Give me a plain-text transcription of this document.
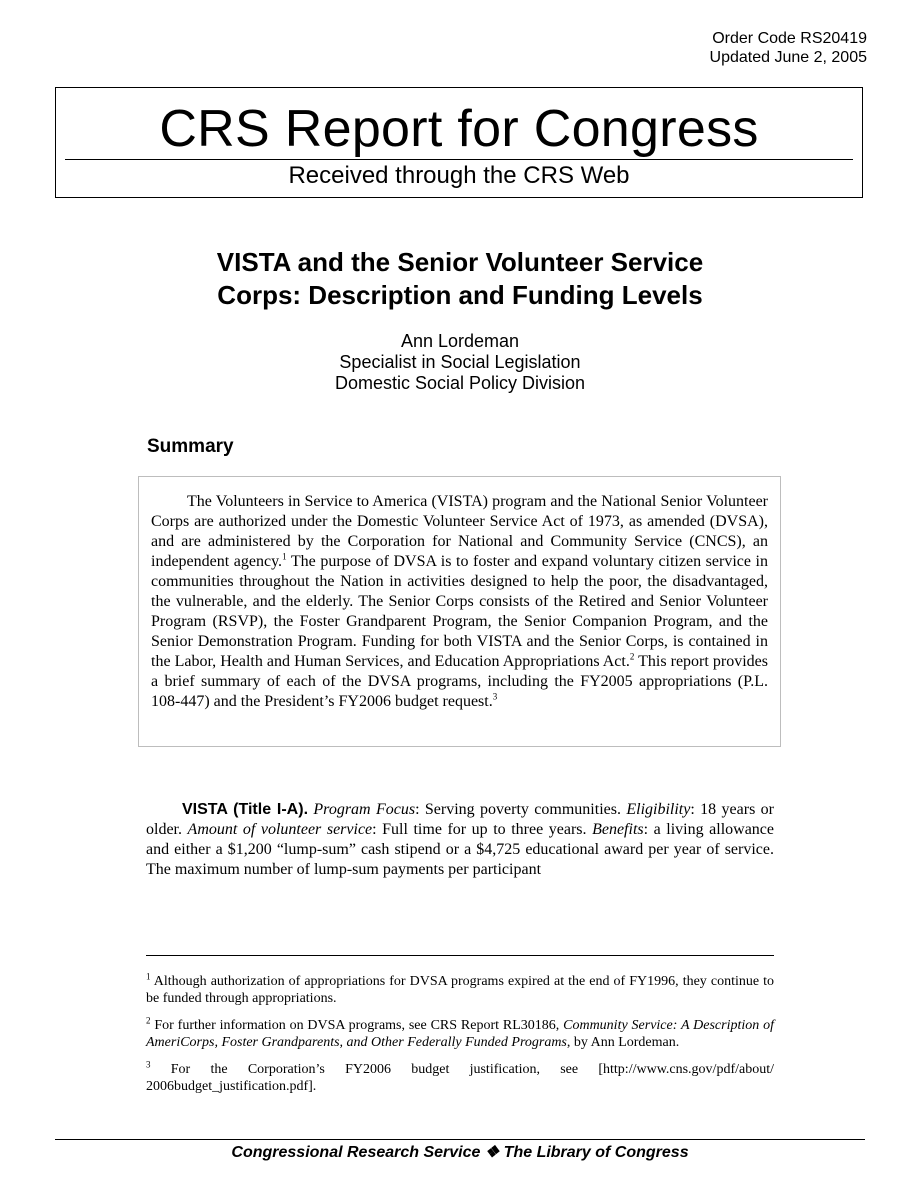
Order Code RS20419
Updated June 2, 2005
CRS Report for Congress
Received through the CRS Web
VISTA and the Senior Volunteer Service
Corps: Description and Funding Levels
Ann Lordeman
Specialist in Social Legislation
Domestic Social Policy Division
Summary

The Volunteers in Service to America (VISTA) program and the National Senior Volunteer Corps are authorized under the Domestic Volunteer Service Act of 1973, as amended (DVSA), and are administered by the Corporation for National and Community Service (CNCS), an independent agency.$^1$ The purpose of DVSA is to foster and expand voluntary citizen service in communities throughout the Nation in activities designed to help the poor, the disadvantaged, the vulnerable, and the elderly. The Senior Corps consists of the Retired and Senior Volunteer Program (RSVP), the Foster Grandparent Program, the Senior Companion Program, and the Senior Demonstration Program. Funding for both VISTA and the Senior Corps, is contained in the Labor, Health and Human Services, and Education Appropriations Act.$^2$ This report provides a brief summary of each of the DVSA programs, including the FY2005 appropriations (P.L. 108-447) and the President’s FY2006 budget request.$^3$

VISTA (Title I-A). Program Focus: Serving poverty communities. Eligibility: 18 years or older. Amount of volunteer service: Full time for up to three years. Benefits: a living allowance and either a $1,200 “lump-sum” cash stipend or a $4,725 educational award per year of service. The maximum number of lump-sum payments per participant

$^1$ Although authorization of appropriations for DVSA programs expired at the end of FY1996, they continue to be funded through appropriations.

$^2$ For further information on DVSA programs, see CRS Report RL30186, Community Service: A Description of AmeriCorps, Foster Grandparents, and Other Federally Funded Programs, by Ann Lordeman.

$^3$ For the Corporation’s FY2006 budget justification, see [http://www.cns.gov/pdf/about/ 2006budget_justification.pdf].

Congressional Research Service ❖ The Library of Congress
